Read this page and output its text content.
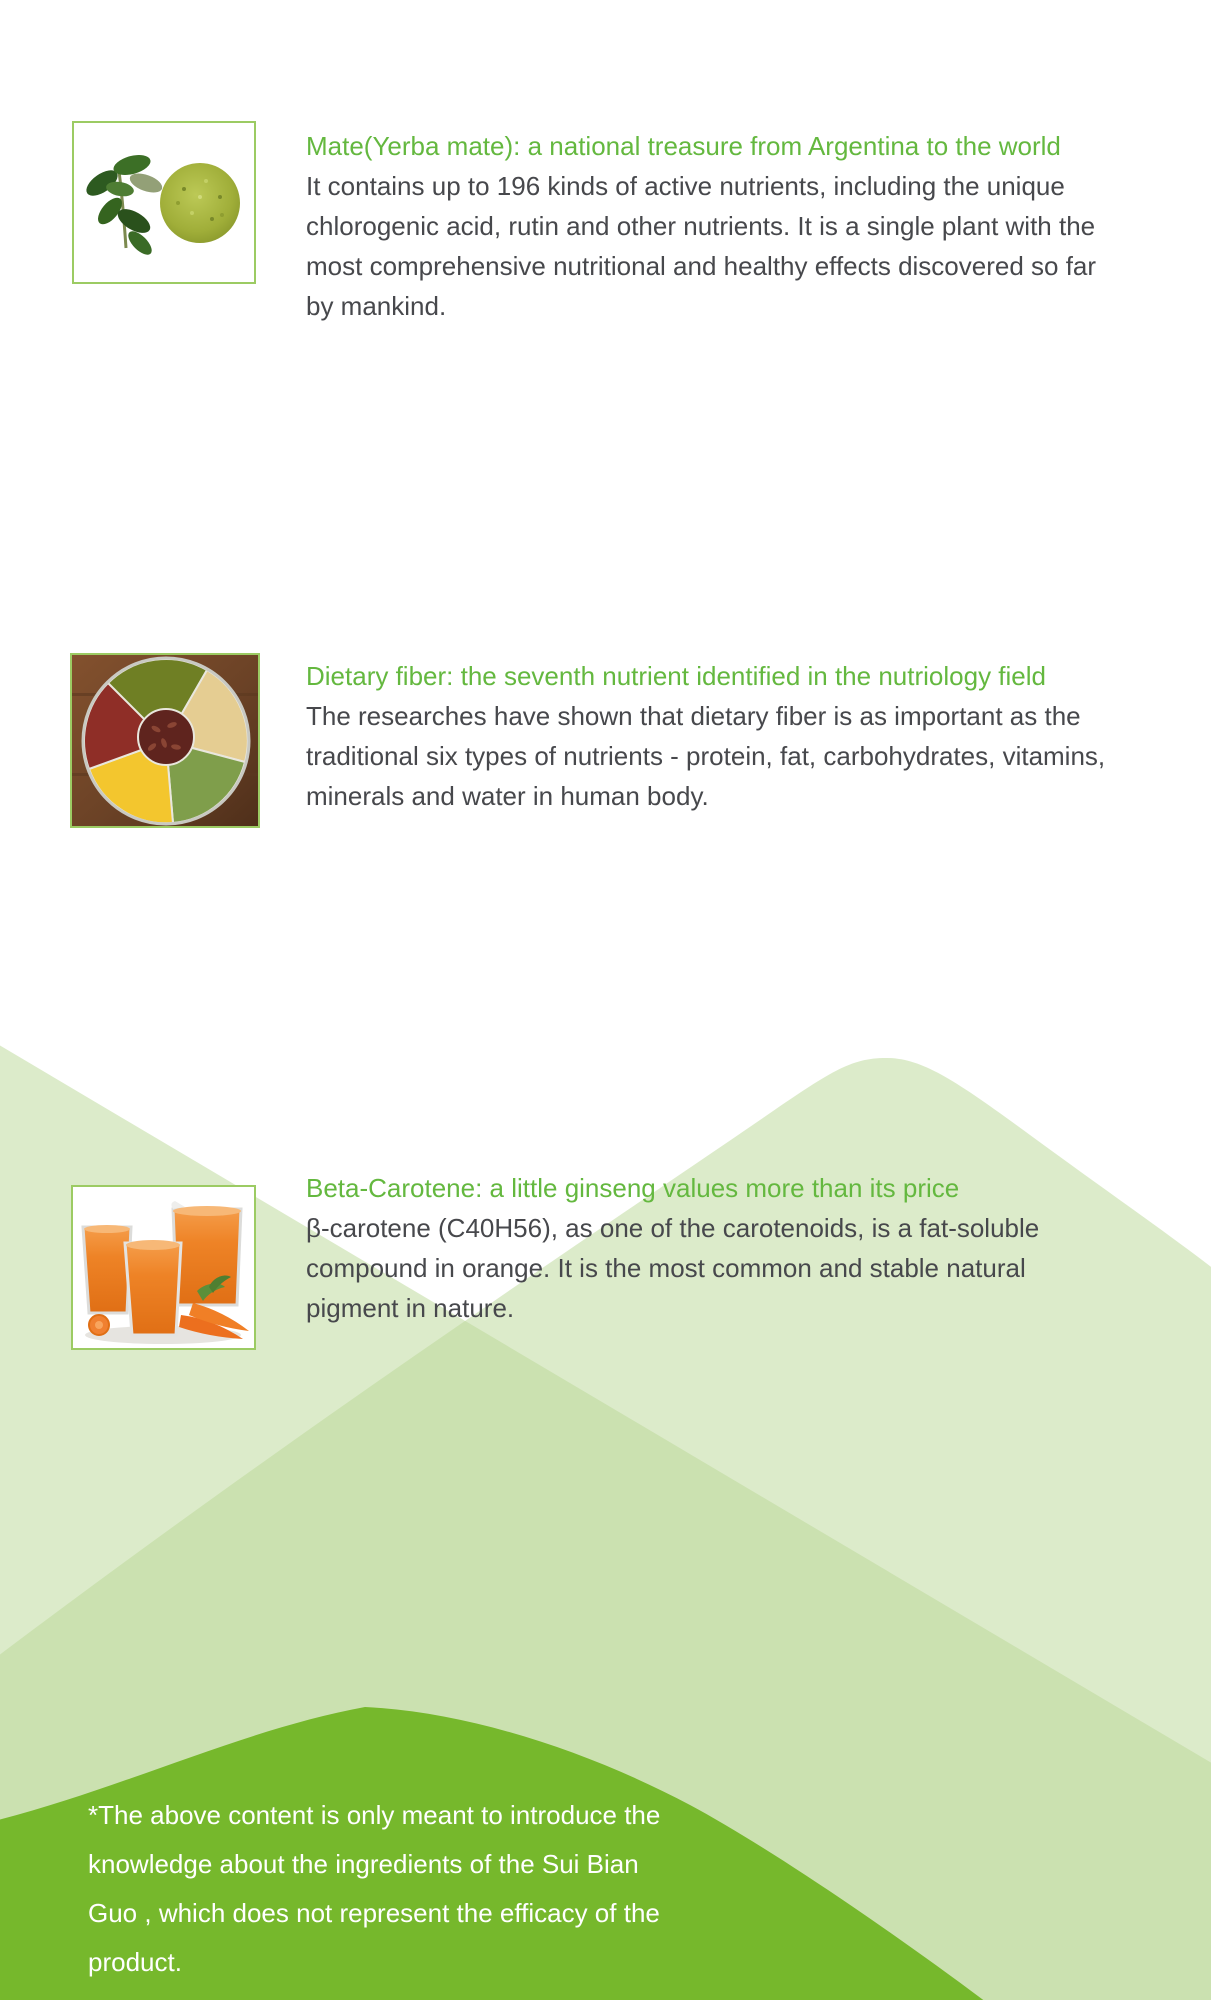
Mate(Yerba mate): a national treasure from Argentina to the world
It contains up to 196 kinds of active nutrients, including the unique
chlorogenic acid, rutin and other nutrients. It is a single plant with the
most comprehensive nutritional and healthy effects discovered so far
by mankind.
Dietary fiber: the seventh nutrient identified in the nutriology field
The researches have shown that dietary fiber is as important as the
traditional six types of nutrients - protein, fat, carbohydrates, vitamins,
minerals and water in human body.
Beta-Carotene: a little ginseng values more than its price
β-carotene (C40H56), as one of the carotenoids, is a fat-soluble
compound in orange. It is the most common and stable natural
pigment in nature.
*The above content is only meant to introduce the
knowledge about the ingredients of the Sui Bian
Guo , which does not represent the efficacy of the
product.
